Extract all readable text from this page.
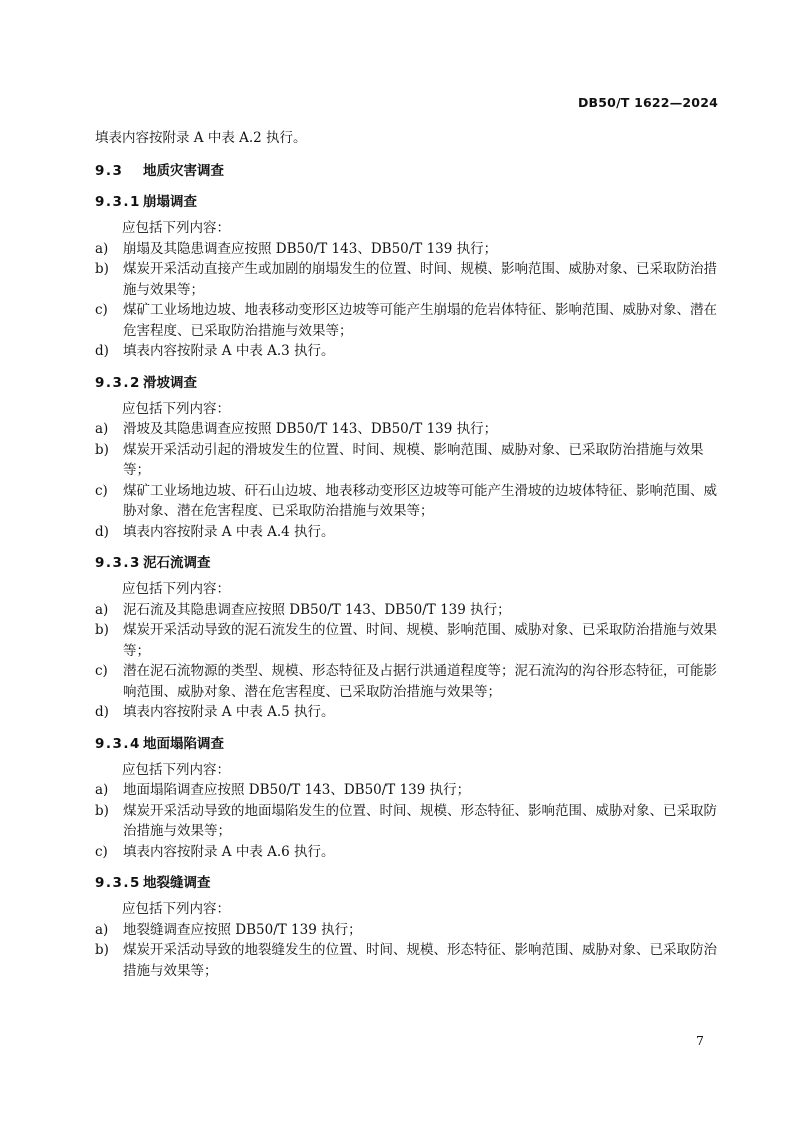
DB50/T 1622—2024

填表内容按附录 A 中表 A.2 执行。

9.3 地质灾害调查
9.3.1 崩塌调查

应包括下列内容：

a)	崩塌及其隐患调查应按照 DB50/T 143、DB50/T 139 执行；
b)	煤炭开采活动直接产生或加剧的崩塌发生的位置、时间、规模、影响范围、威胁对象、已采取防治措施与效果等；
c)	煤矿工业场地边坡、地表移动变形区边坡等可能产生崩塌的危岩体特征、影响范围、威胁对象、潜在危害程度、已采取防治措施与效果等；
d)	填表内容按附录 A 中表 A.3 执行。
9.3.2 滑坡调查

应包括下列内容：

a)	滑坡及其隐患调查应按照 DB50/T 143、DB50/T 139 执行；
b)	煤炭开采活动引起的滑坡发生的位置、时间、规模、影响范围、威胁对象、已采取防治措施与效果等；
c)	煤矿工业场地边坡、矸石山边坡、地表移动变形区边坡等可能产生滑坡的边坡体特征、影响范围、威胁对象、潜在危害程度、已采取防治措施与效果等；
d)	填表内容按附录 A 中表 A.4 执行。
9.3.3 泥石流调查

应包括下列内容：

a)	泥石流及其隐患调查应按照 DB50/T 143、DB50/T 139 执行；
b)	煤炭开采活动导致的泥石流发生的位置、时间、规模、影响范围、威胁对象、已采取防治措施与效果等；
c)	潜在泥石流物源的类型、规模、形态特征及占据行洪通道程度等；泥石流沟的沟谷形态特征，可能影响范围、威胁对象、潜在危害程度、已采取防治措施与效果等；
d)	填表内容按附录 A 中表 A.5 执行。
9.3.4 地面塌陷调查

应包括下列内容：

a)	地面塌陷调查应按照 DB50/T 143、DB50/T 139 执行；
b)	煤炭开采活动导致的地面塌陷发生的位置、时间、规模、形态特征、影响范围、威胁对象、已采取防治措施与效果等；
c)	填表内容按附录 A 中表 A.6 执行。
9.3.5 地裂缝调查

应包括下列内容：

a)	地裂缝调查应按照 DB50/T 139 执行；
b)	煤炭开采活动导致的地裂缝发生的位置、时间、规模、形态特征、影响范围、威胁对象、已采取防治措施与效果等；
7
